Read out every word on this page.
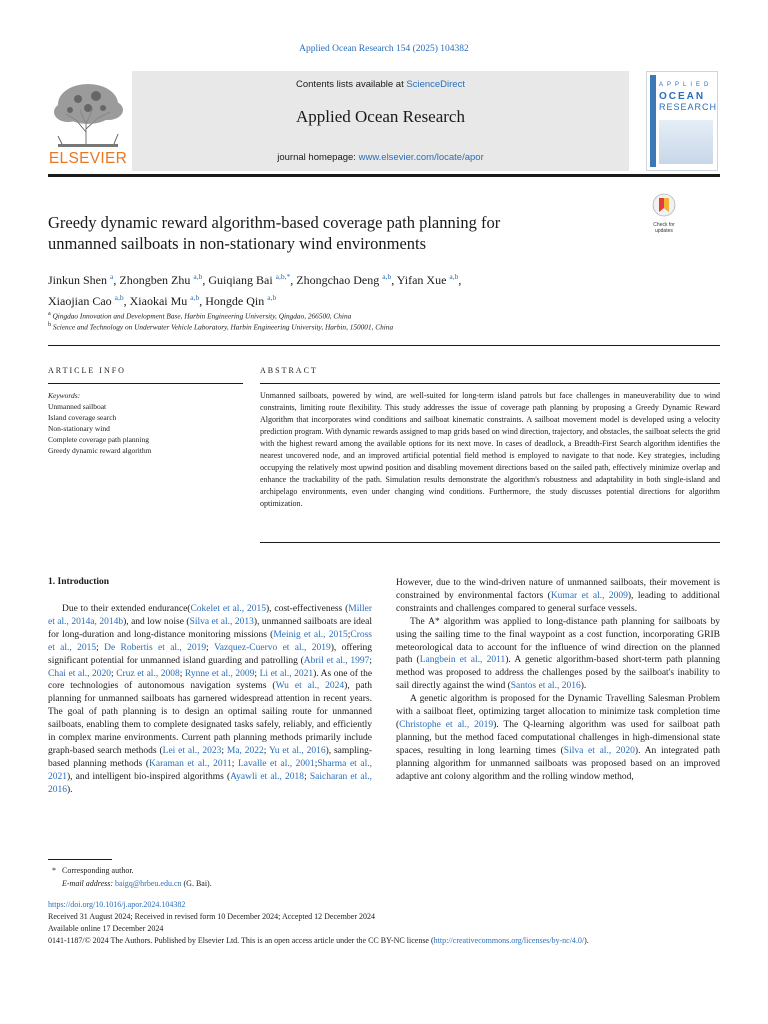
Applied Ocean Research 154 (2025) 104382
ELSEVIER
Contents lists available at ScienceDirect
Applied Ocean Research
journal homepage: www.elsevier.com/locate/apor
APPLIED
OCEAN
RESEARCH
Greedy dynamic reward algorithm-based coverage path planning for
unmanned sailboats in non-stationary wind environments
Check for
updates
Jinkun Shen $^a$, Zhongben Zhu $^{a,b}$, Guiqiang Bai $^{a,b,*}$, Zhongchao Deng $^{a,b}$, Yifan Xue $^{a,b}$,
Xiaojian Cao $^{a,b}$, Xiaokai Mu $^{a,b}$, Hongde Qin $^{a,b}$
$^a$ Qingdao Innovation and Development Base, Harbin Engineering University, Qingdao, 266500, China
$^b$ Science and Technology on Underwater Vehicle Laboratory, Harbin Engineering University, Harbin, 150001, China
ARTICLE INFO
Keywords:
Unmanned sailboat
Island coverage search
Non-stationary wind
Complete coverage path planning
Greedy dynamic reward algorithm
ABSTRACT
Unmanned sailboats, powered by wind, are well-suited for long-term island patrols but face challenges in maneuverability due to wind constraints, limiting route flexibility. This study addresses the issue of coverage path planning by proposing a Greedy Dynamic Reward Algorithm that incorporates wind conditions and sailboat kinematic constraints. A sailboat movement model is developed using a velocity prediction program. With dynamic rewards assigned to map grids based on wind direction, trajectory, and obstacles, the sailboat selects the grid with the highest reward among the available options for its next move. In cases of deadlock, a Breadth-First Search algorithm identifies the nearest uncovered node, and an improved artificial potential field method is employed to navigate to that node. Key strategies, including occupying the relatively most upwind position and disabling movement directions based on the sailed path, effectively minimize overlap and enhance the trackability of the path. Simulation results demonstrate the algorithm's robustness and adaptability in both single-island and archipelago environments, even under changing wind conditions. Furthermore, the study discusses potential directions for algorithm optimization.
1. Introduction

Due to their extended endurance(Cokelet et al., 2015), cost-effectiveness (Miller et al., 2014a, 2014b), and low noise (Silva et al., 2013), unmanned sailboats are ideal for long-duration and long-distance monitoring missions (Meinig et al., 2015;Cross et al., 2015; De Robertis et al., 2019; Vazquez-Cuervo et al., 2019), offering significant potential for unmanned island guarding and patrolling (Abril et al., 1997; Chai et al., 2020; Cruz et al., 2008; Rynne et al., 2009; Li et al., 2021). As one of the core technologies of autonomous navigation systems (Wu et al., 2024), path planning for unmanned sailboats has garnered widespread attention in recent years. The goal of path planning is to design an optimal sailing route for unmanned sailboats, enabling them to complete designated tasks safely, reliably, and efficiently in complex marine environments. Current path planning methods primarily include graph-based search methods (Lei et al., 2023; Ma, 2022; Yu et al., 2016), sampling-based planning methods (Karaman et al., 2011; Lavalle et al., 2001;Sharma et al., 2021), and intelligent bio-inspired algorithms (Ayawli et al., 2018; Saicharan et al., 2016).

However, due to the wind-driven nature of unmanned sailboats, their movement is constrained by environmental factors (Kumar et al., 2009), leading to additional constraints and challenges compared to general surface vessels.

The A* algorithm was applied to long-distance path planning for sailboats by using the sailing time to the final waypoint as a cost function, incorporating GRIB meteorological data to account for the influence of wind direction on the planned path (Langbein et al., 2011). A genetic algorithm-based short-term path planning method was proposed to address the challenges posed by the sailboat's inability to sail directly against the wind (Santos et al., 2016).

A genetic algorithm is proposed for the Dynamic Travelling Salesman Problem with a sailboat fleet, optimizing target allocation to minimize task completion time (Christophe et al., 2019). The Q-learning algorithm was used for sailboat path planning, but the method faced computational challenges in high-dimensional state spaces, resulting in long learning times (Silva et al., 2020). An integrated path planning algorithm for unmanned sailboats was proposed based on an improved adaptive ant colony algorithm and the rolling window method,

*   Corresponding author.
E-mail address: baigq@hrbeu.edu.cn (G. Bai).
https://doi.org/10.1016/j.apor.2024.104382
Received 31 August 2024; Received in revised form 10 December 2024; Accepted 12 December 2024
Available online 17 December 2024
0141-1187/© 2024 The Authors. Published by Elsevier Ltd. This is an open access article under the CC BY-NC license (http://creativecommons.org/licenses/by-nc/4.0/).
